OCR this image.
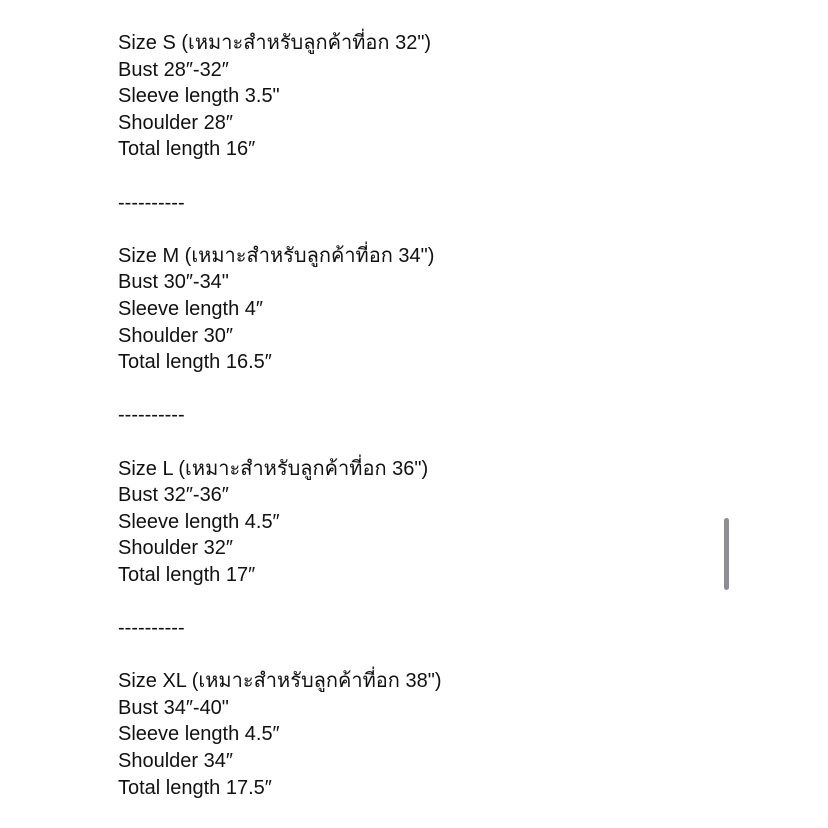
Size S (เหมาะสำหรับลูกค้าที่อก 32")
Bust 28″-32″
Sleeve length 3.5"
Shoulder 28″
Total length 16″
----------
Size M (เหมาะสำหรับลูกค้าที่อก 34")
Bust 30″-34"
Sleeve length 4″
Shoulder 30″
Total length 16.5″
----------
Size L (เหมาะสำหรับลูกค้าที่อก 36")
Bust 32″-36″
Sleeve length 4.5″
Shoulder 32″
Total length 17″
----------
Size XL (เหมาะสำหรับลูกค้าที่อก 38")
Bust 34″-40"
Sleeve length 4.5″
Shoulder 34″
Total length 17.5″
